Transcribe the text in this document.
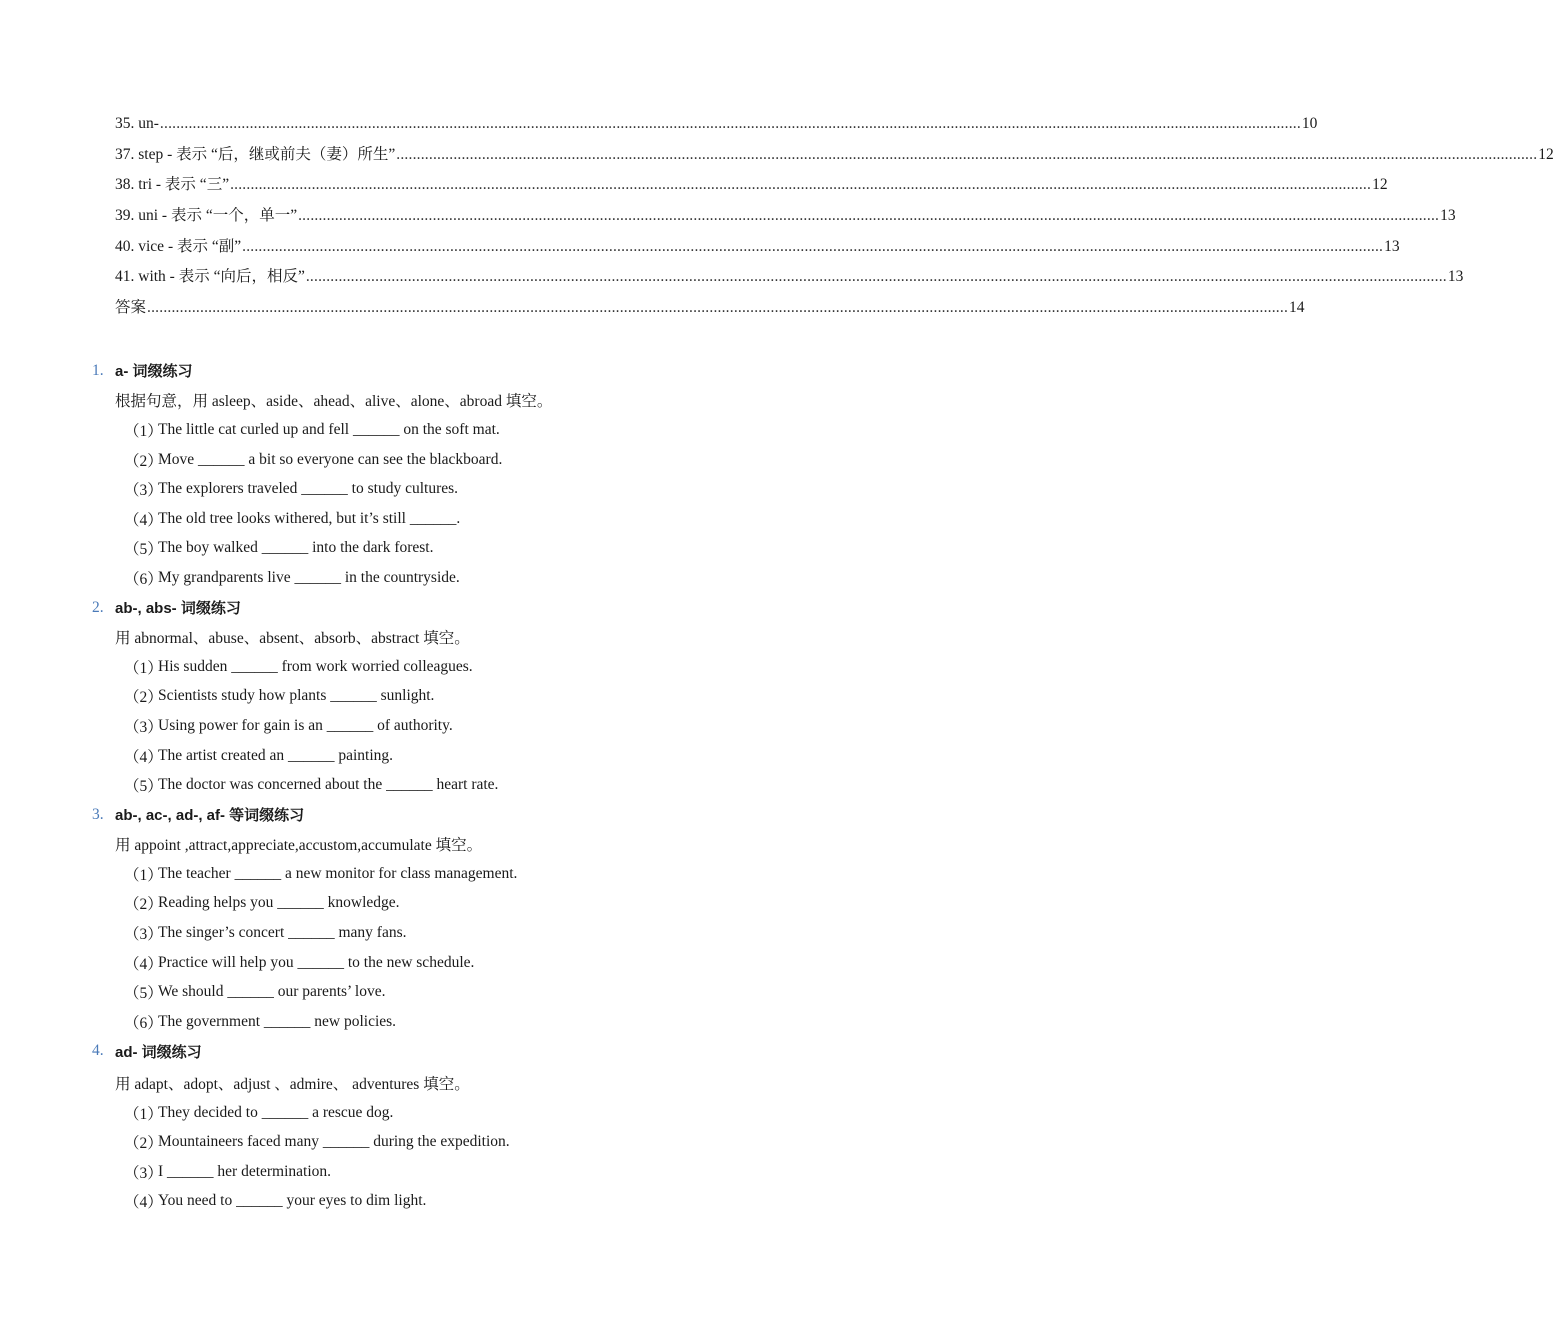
35. un- ........................................................................................................................................................................................................................................................................................ 10
37. step - 表示 “后，继或前夫（妻）所生” ........................................................................................................................................................................................................................................................................................ 12
38. tri - 表示 “三” ........................................................................................................................................................................................................................................................................................ 12
39. uni - 表示 “一个，单一” ........................................................................................................................................................................................................................................................................................ 13
40. vice - 表示 “副” ........................................................................................................................................................................................................................................................................................ 13
41. with - 表示 “向后，相反” ........................................................................................................................................................................................................................................................................................ 13
答案 ........................................................................................................................................................................................................................................................................................ 14
1. a- 词缀练习
根据句意，用 asleep、aside、ahead、alive、alone、abroad 填空。
（1）
The little cat curled up and fell ______ on the soft mat.
（2）
Move ______ a bit so everyone can see the blackboard.
（3）
The explorers traveled ______ to study cultures.
（4）
The old tree looks withered, but it’s still ______.
（5）
The boy walked ______ into the dark forest.
（6）
My grandparents live ______ in the countryside.
2. ab-, abs- 词缀练习
用 abnormal、abuse、absent、absorb、abstract 填空。
（1）
His sudden ______ from work worried colleagues.
（2）
Scientists study how plants ______ sunlight.
（3）
Using power for gain is an ______ of authority.
（4）
The artist created an ______ painting.
（5）
The doctor was concerned about the ______ heart rate.
3. ab-, ac-, ad-, af- 等词缀练习
用 appoint ,attract,appreciate,accustom,accumulate 填空。
（1）
The teacher ______ a new monitor for class management.
（2）
Reading helps you ______ knowledge.
（3）
The singer’s concert ______ many fans.
（4）
Practice will help you ______ to the new schedule.
（5）
We should ______ our parents’ love.
（6）
The government ______ new policies.
4. ad- 词缀练习
用 adapt、adopt、adjust 、admire、 adventures 填空。
（1）
They decided to ______ a rescue dog.
（2）
Mountaineers faced many ______ during the expedition.
（3）
I ______ her determination.
（4）
You need to ______ your eyes to dim light.
